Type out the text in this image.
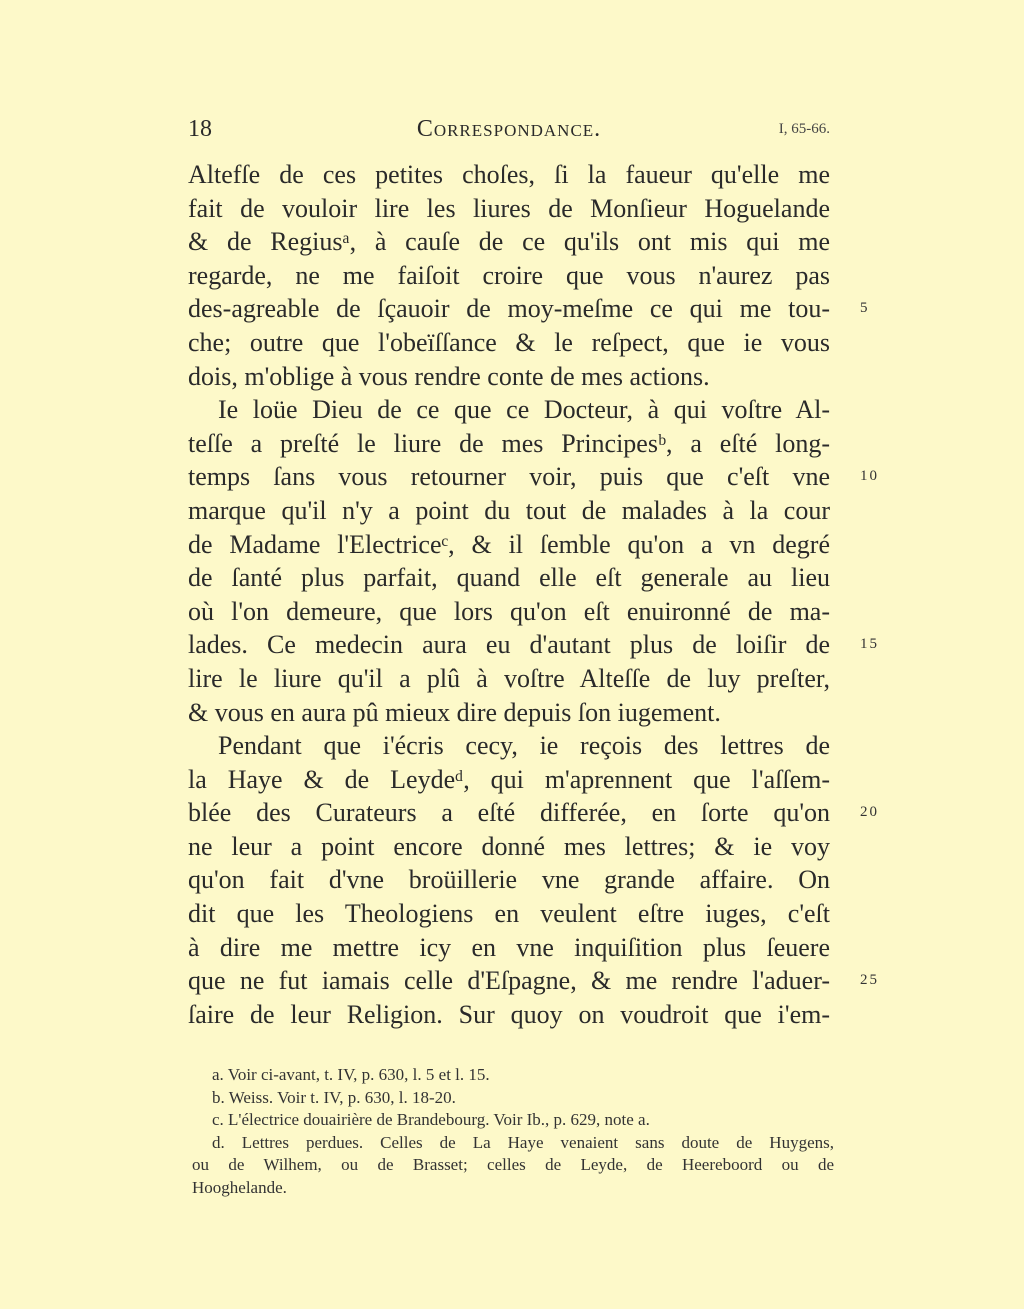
18	Correspondance.	I, 65-66.
Altefſe de ces petites choſes, ſi la faueur qu'elle me
fait de vouloir lire les liures de Monſieur Hoguelande
& de Regiusᵃ, à cauſe de ce qu'ils ont mis qui me
regarde, ne me faiſoit croire que vous n'aurez pas
des-agreable de ſçauoir de moy-meſme ce qui me tou- 5
che; outre que l'obeïſſance & le reſpect, que ie vous
dois, m'oblige à vous rendre conte de mes actions.
Ie loüe Dieu de ce que ce Docteur, à qui voſtre Al-
teſſe a preſté le liure de mes Principesᵇ, a eſté long-
temps ſans vous retourner voir, puis que c'eſt vne 10
marque qu'il n'y a point du tout de malades à la cour
de Madame l'Electriceᶜ, & il ſemble qu'on a vn degré
de ſanté plus parfait, quand elle eſt generale au lieu
où l'on demeure, que lors qu'on eſt enuironné de ma-
lades. Ce medecin aura eu d'autant plus de loiſir de 15
lire le liure qu'il a plû à voſtre Alteſſe de luy preſter,
& vous en aura pû mieux dire depuis ſon iugement.
Pendant que i'écris cecy, ie reçois des lettres de
la Haye & de Leydeᵈ, qui m'aprennent que l'aſſem-
blée des Curateurs a eſté differée, en ſorte qu'on 20
ne leur a point encore donné mes lettres; & ie voy
qu'on fait d'vne broüillerie vne grande affaire. On
dit que les Theologiens en veulent eſtre iuges, c'eſt
à dire me mettre icy en vne inquiſition plus ſeuere
que ne fut iamais celle d'Eſpagne, & me rendre l'aduer- 25
ſaire de leur Religion. Sur quoy on voudroit que i'em-
a. Voir ci-avant, t. IV, p. 630, l. 5 et l. 15.
b. Weiss. Voir t. IV, p. 630, l. 18-20.
c. L'électrice douairière de Brandebourg. Voir Ib., p. 629, note a.
d. Lettres perdues. Celles de La Haye venaient sans doute de Huygens,
ou de Wilhem, ou de Brasset; celles de Leyde, de Heereboord ou de
Hooghelande.
